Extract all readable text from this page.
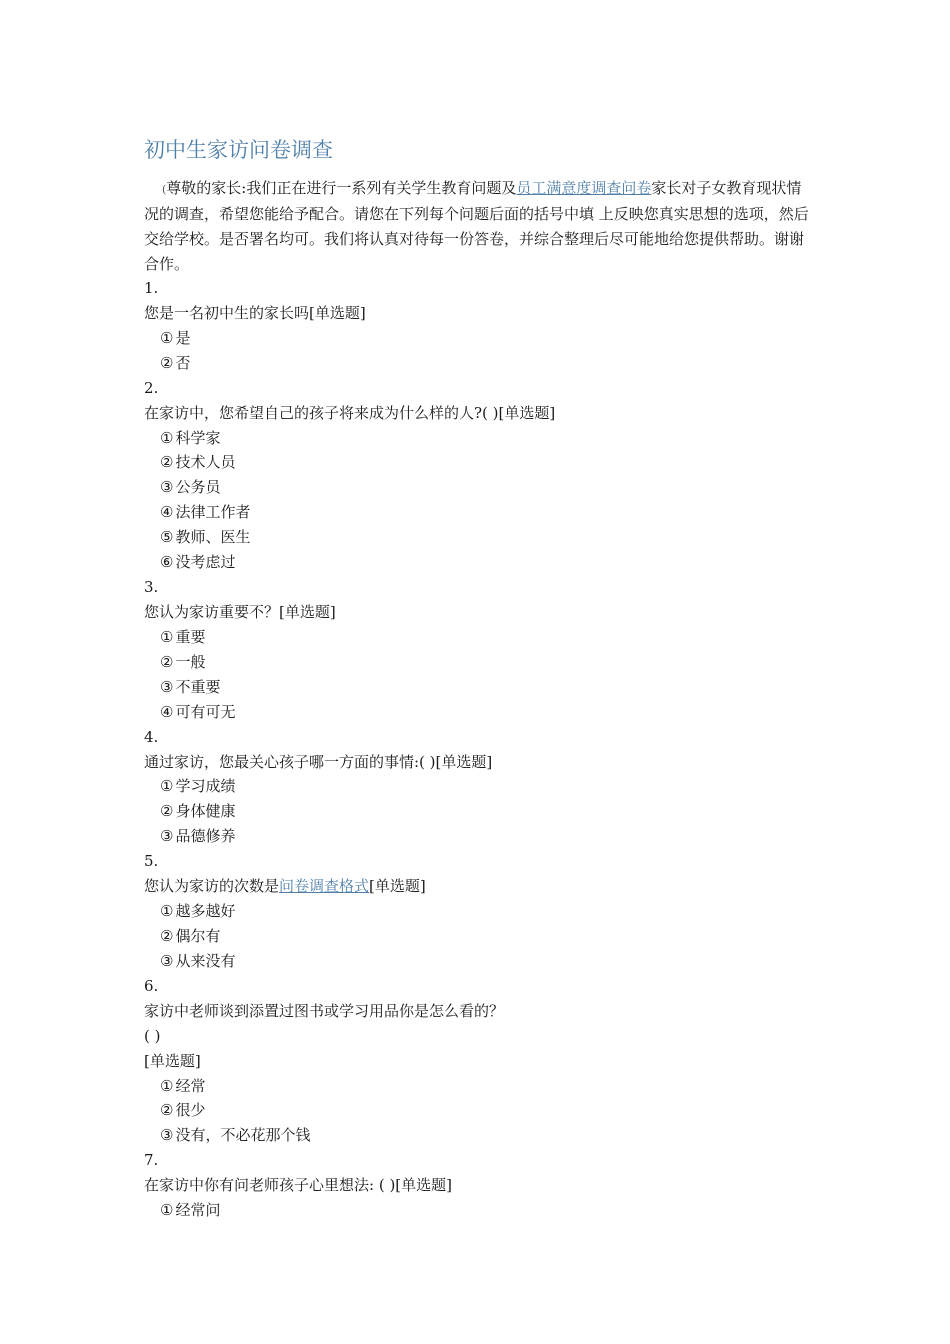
初中生家访问卷调查
(尊敬的家长:我们正在进行一系列有关学生教育问题及员工满意度调查问卷家长对子女教育现状情况的调查，希望您能给予配合。请您在下列每个问题后面的括号中填 上反映您真实思想的选项，然后交给学校。是否署名均可。我们将认真对待每一份答卷，并综合整理后尽可能地给您提供帮助。谢谢合作。
1.
您是一名初中生的家长吗[单选题]
① 是
② 否
2.
在家访中，您希望自己的孩子将来成为什么样的人?( )[单选题]
① 科学家
② 技术人员
③ 公务员
④ 法律工作者
⑤ 教师、医生
⑥ 没考虑过
3.
您认为家访重要不？[单选题]
① 重要
② 一般
③ 不重要
④ 可有可无
4.
通过家访，您最关心孩子哪一方面的事情:( )[单选题]
① 学习成绩
② 身体健康
③ 品德修养
5.
您认为家访的次数是问卷调查格式[单选题]
① 越多越好
② 偶尔有
③ 从来没有
6.
家访中老师谈到添置过图书或学习用品你是怎么看的？
( )
[单选题]
① 经常
② 很少
③ 没有，不必花那个钱
7.
在家访中你有问老师孩子心里想法: ( )[单选题]
① 经常问
